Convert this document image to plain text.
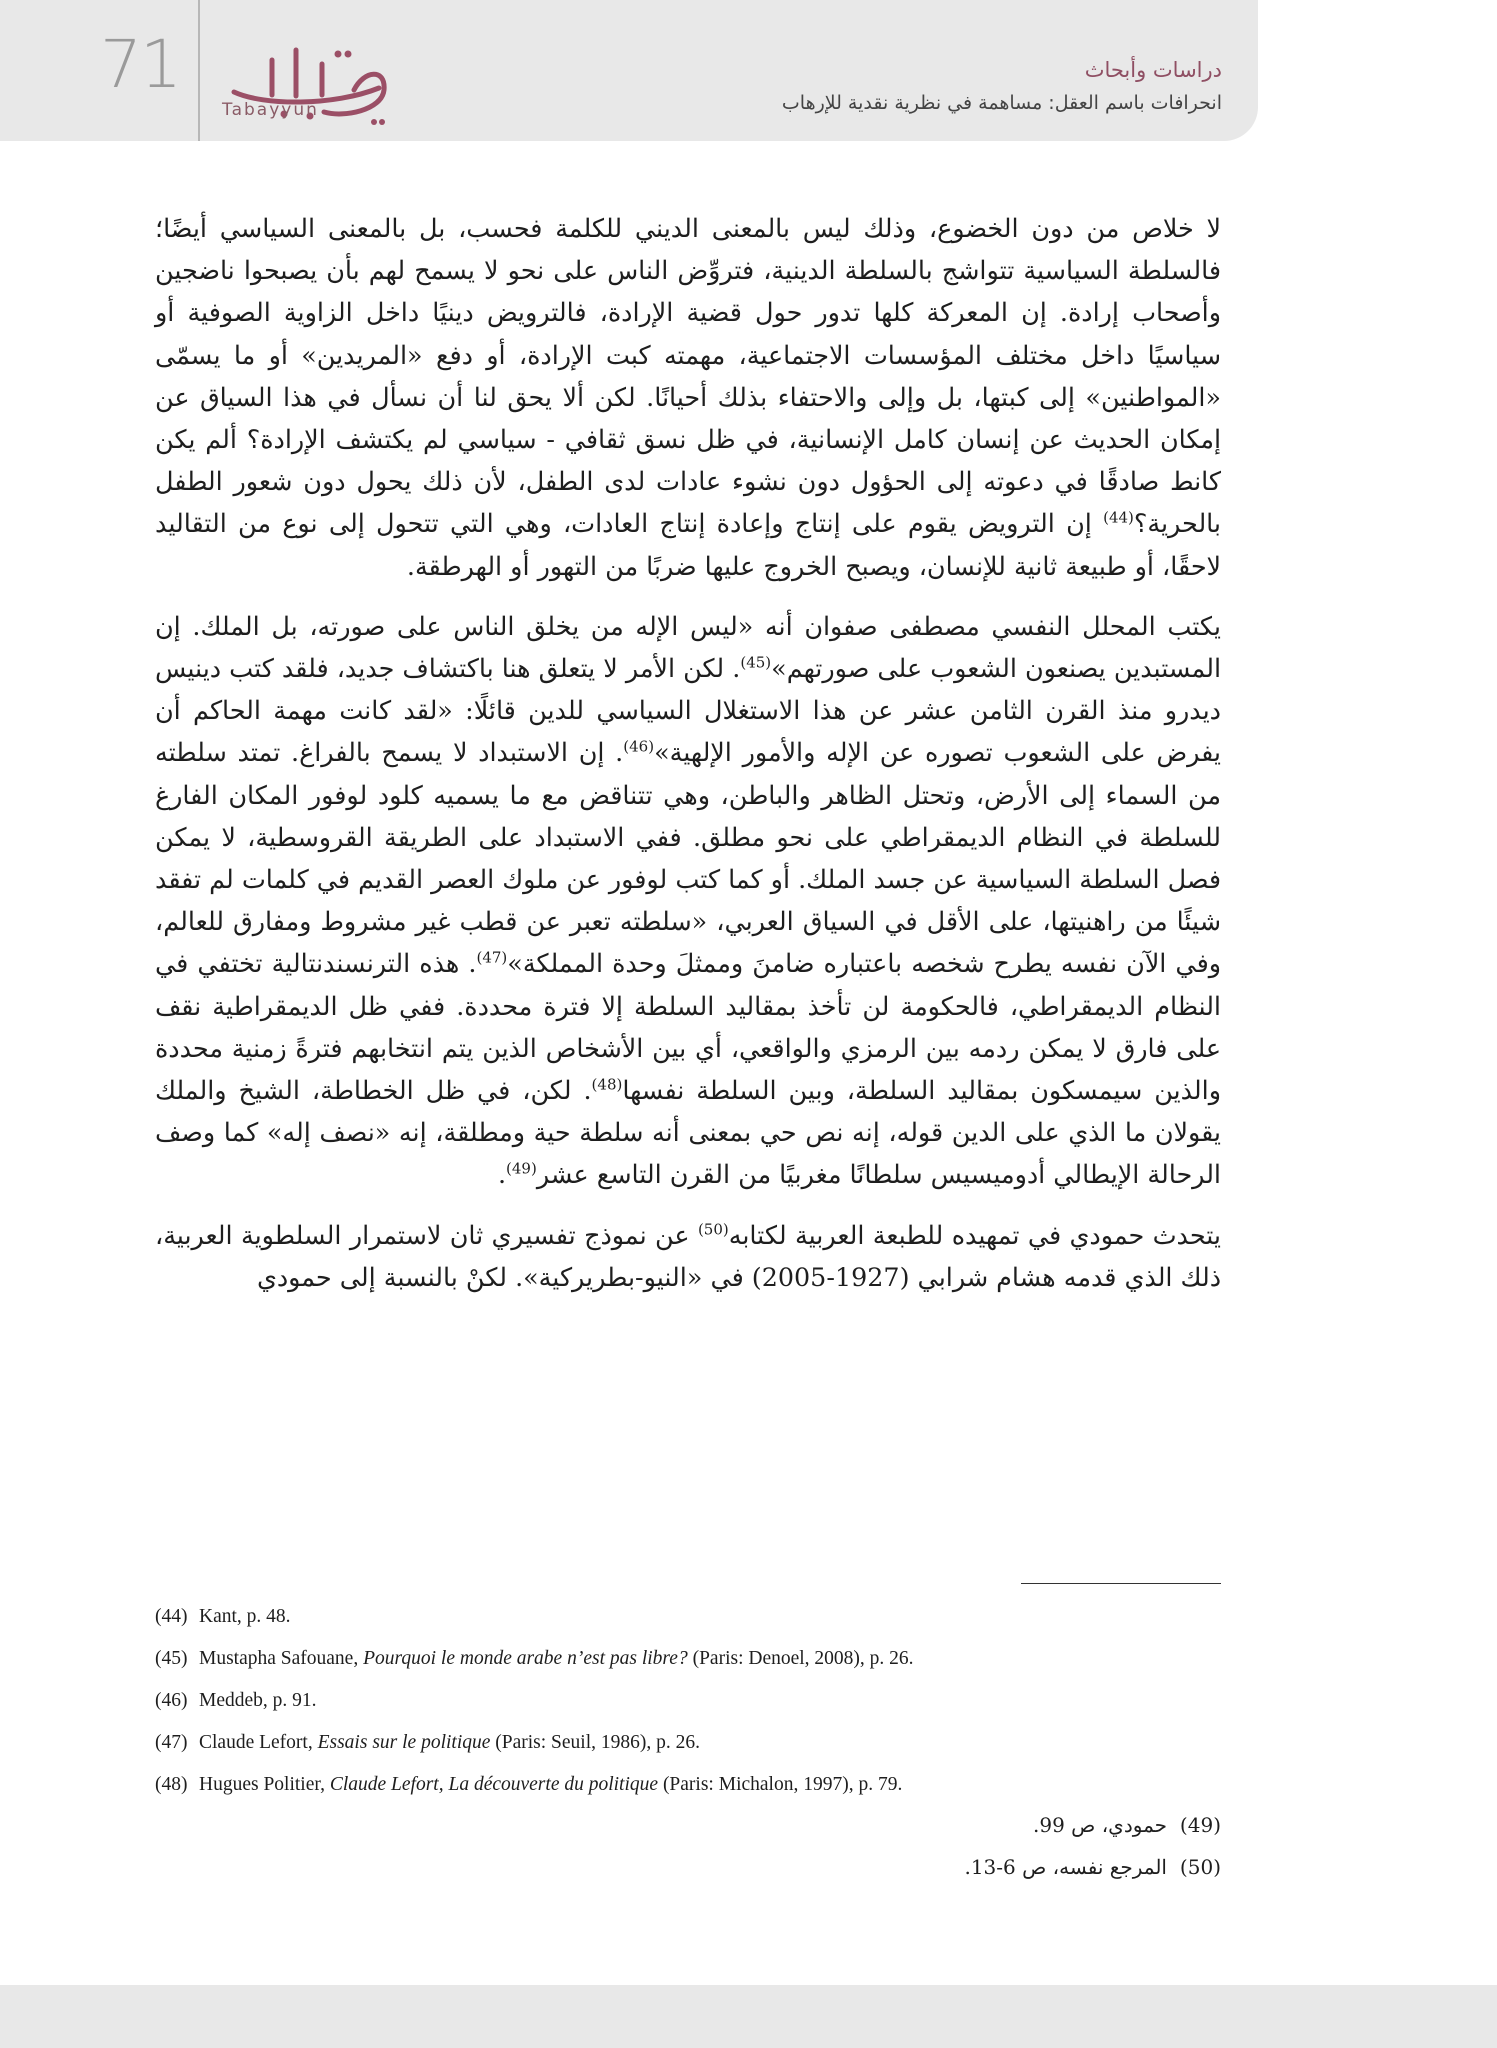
71
Tabayyun
دراسات وأبحاث
انحرافات باسم العقل: مساهمة في نظرية نقدية للإرهاب

لا خلاص من دون الخضوع، وذلك ليس بالمعنى الديني للكلمة فحسب، بل بالمعنى السياسي أيضًا؛ فالسلطة السياسية تتواشج بالسلطة الدينية، فتروِّض الناس على نحو لا يسمح لهم بأن يصبحوا ناضجين وأصحاب إرادة. إن المعركة كلها تدور حول قضية الإرادة، فالترويض دينيًا داخل الزاوية الصوفية أو سياسيًا داخل مختلف المؤسسات الاجتماعية، مهمته كبت الإرادة، أو دفع «المريدين» أو ما يسمّى «المواطنين» إلى كبتها، بل وإلى والاحتفاء بذلك أحيانًا. لكن ألا يحق لنا أن نسأل في هذا السياق عن إمكان الحديث عن إنسان كامل الإنسانية، في ظل نسق ثقافي - سياسي لم يكتشف الإرادة؟ ألم يكن كانط صادقًا في دعوته إلى الحؤول دون نشوء عادات لدى الطفل، لأن ذلك يحول دون شعور الطفل بالحرية؟$^{(44)}$ إن الترويض يقوم على إنتاج وإعادة إنتاج العادات، وهي التي تتحول إلى نوع من التقاليد لاحقًا، أو طبيعة ثانية للإنسان، ويصبح الخروج عليها ضربًا من التهور أو الهرطقة.

يكتب المحلل النفسي مصطفى صفوان أنه «ليس الإله من يخلق الناس على صورته، بل الملك. إن المستبدين يصنعون الشعوب على صورتهم»$^{(45)}$. لكن الأمر لا يتعلق هنا باكتشاف جديد، فلقد كتب دينيس ديدرو منذ القرن الثامن عشر عن هذا الاستغلال السياسي للدين قائلًا: «لقد كانت مهمة الحاكم أن يفرض على الشعوب تصوره عن الإله والأمور الإلهية»$^{(46)}$. إن الاستبداد لا يسمح بالفراغ. تمتد سلطته من السماء إلى الأرض، وتحتل الظاهر والباطن، وهي تتناقض مع ما يسميه كلود لوفور المكان الفارغ للسلطة في النظام الديمقراطي على نحو مطلق. ففي الاستبداد على الطريقة القروسطية، لا يمكن فصل السلطة السياسية عن جسد الملك. أو كما كتب لوفور عن ملوك العصر القديم في كلمات لم تفقد شيئًا من راهنيتها، على الأقل في السياق العربي، «سلطته تعبر عن قطب غير مشروط ومفارق للعالم، وفي الآن نفسه يطرح شخصه باعتباره ضامنَ وممثلَ وحدة المملكة»$^{(47)}$. هذه الترنسندنتالية تختفي في النظام الديمقراطي، فالحكومة لن تأخذ بمقاليد السلطة إلا فترة محددة. ففي ظل الديمقراطية نقف على فارق لا يمكن ردمه بين الرمزي والواقعي، أي بين الأشخاص الذين يتم انتخابهم فترةً زمنية محددة والذين سيمسكون بمقاليد السلطة، وبين السلطة نفسها$^{(48)}$. لكن، في ظل الخطاطة، الشيخ والملك يقولان ما الذي على الدين قوله، إنه نص حي بمعنى أنه سلطة حية ومطلقة، إنه «نصف إله» كما وصف الرحالة الإيطالي أدوميسيس سلطانًا مغربيًا من القرن التاسع عشر$^{(49)}$.

يتحدث حمودي في تمهيده للطبعة العربية لكتابه$^{(50)}$ عن نموذج تفسيري ثان لاستمرار السلطوية العربية، ذلك الذي قدمه هشام شرابي (1927-2005) في «النيو-بطريركية». لكنْ بالنسبة إلى حمودي

(44) Kant, p. 48.
(45) Mustapha Safouane, Pourquoi le monde arabe n’est pas libre? (Paris: Denoel, 2008), p. 26.
(46) Meddeb, p. 91.
(47) Claude Lefort, Essais sur le politique (Paris: Seuil, 1986), p. 26.
(48) Hugues Politier, Claude Lefort, La découverte du politique (Paris: Michalon, 1997), p. 79.
(49)حمودي، ص 99.
(50)المرجع نفسه، ص 6-13.
